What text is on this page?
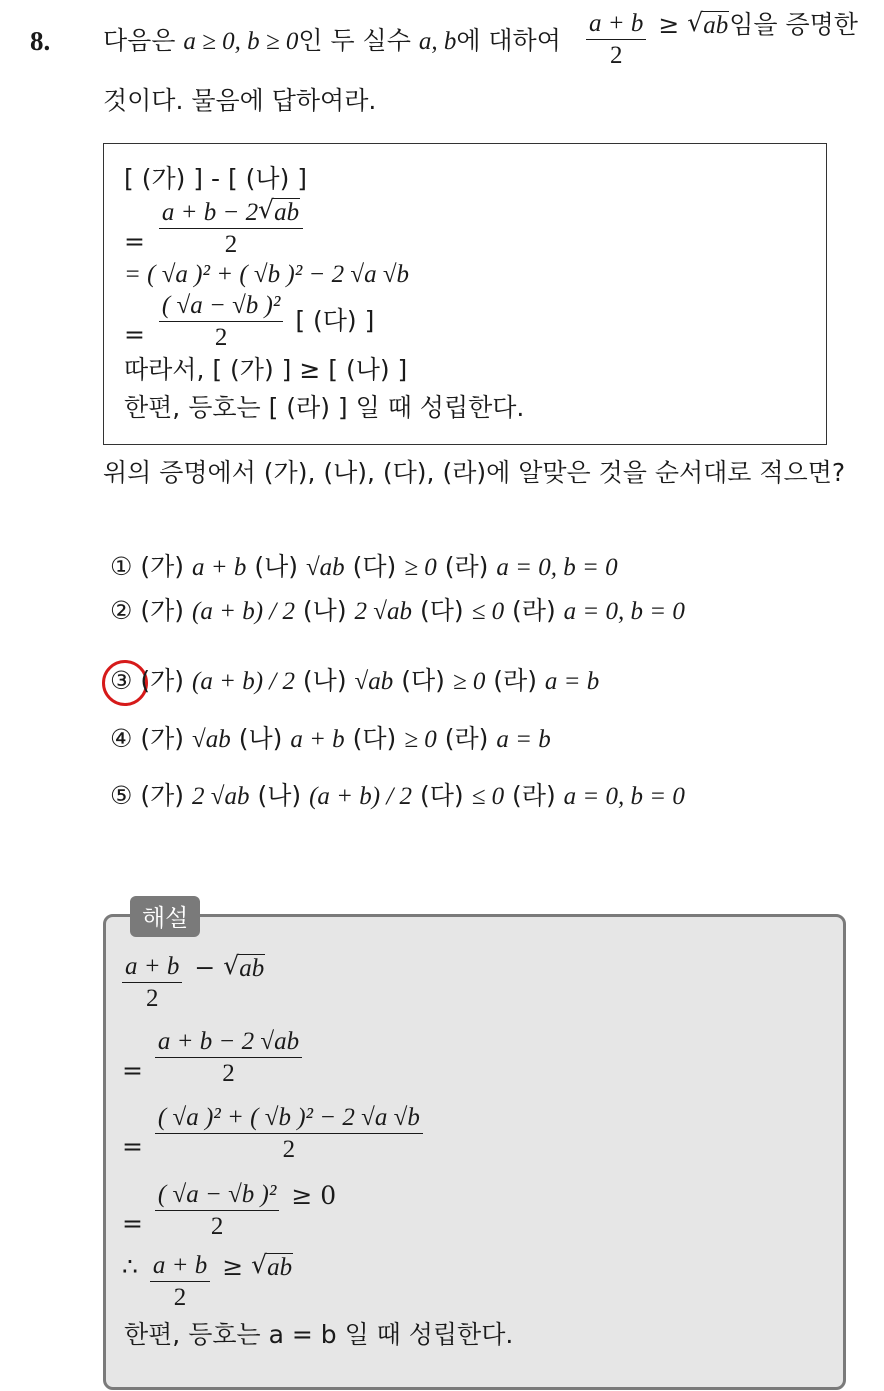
8. 다음은 a ≥ 0, b ≥ 0인 두 실수 a, b에 대하여 $\frac{a + b}{2}$ ≥ √ ab임을 증명한
것이다. 물음에 답하여라.
[ (가) ] - [ (나) ]
= $\frac{a + b - 2 √ ab}{2}$
= ( √a )² + ( √b )² − 2 √a √b
= $\frac{\text{( √a − √b )²}}{2}$ [ (다) ]
따라서, [ (가) ] ≥ [ (나) ]
한편, 등호는 [ (라) ] 일 때 성립한다.
위의 증명에서 (가), (나), (다), (라)에 알맞은 것을 순서대로 적으면?
① (가) a + b (나) √ab (다) ≥ 0 (라) a = 0, b = 0
② (가) (a + b) / 2 (나) 2 √ab (다) ≤ 0 (라) a = 0, b = 0
③ (가) (a + b) / 2 (나) √ab (다) ≥ 0 (라) a = b
④ (가) √ab (나) a + b (다) ≥ 0 (라) a = b
⑤ (가) 2 √ab (나) (a + b) / 2 (다) ≤ 0 (라) a = 0, b = 0
해설
$\frac{a + b}{2}$ − √ ab
= $\frac{a + b - 2 √ab}{2}$
= $\frac{\text{( √a )² + ( √b )² − 2 √a √b}}{2}$
= $\frac{\text{( √a − √b )²}}{2} \ge 0$
∴ $\frac{a + b}{2}$ ≥ √ ab
한편, 등호는 a = b 일 때 성립한다.
